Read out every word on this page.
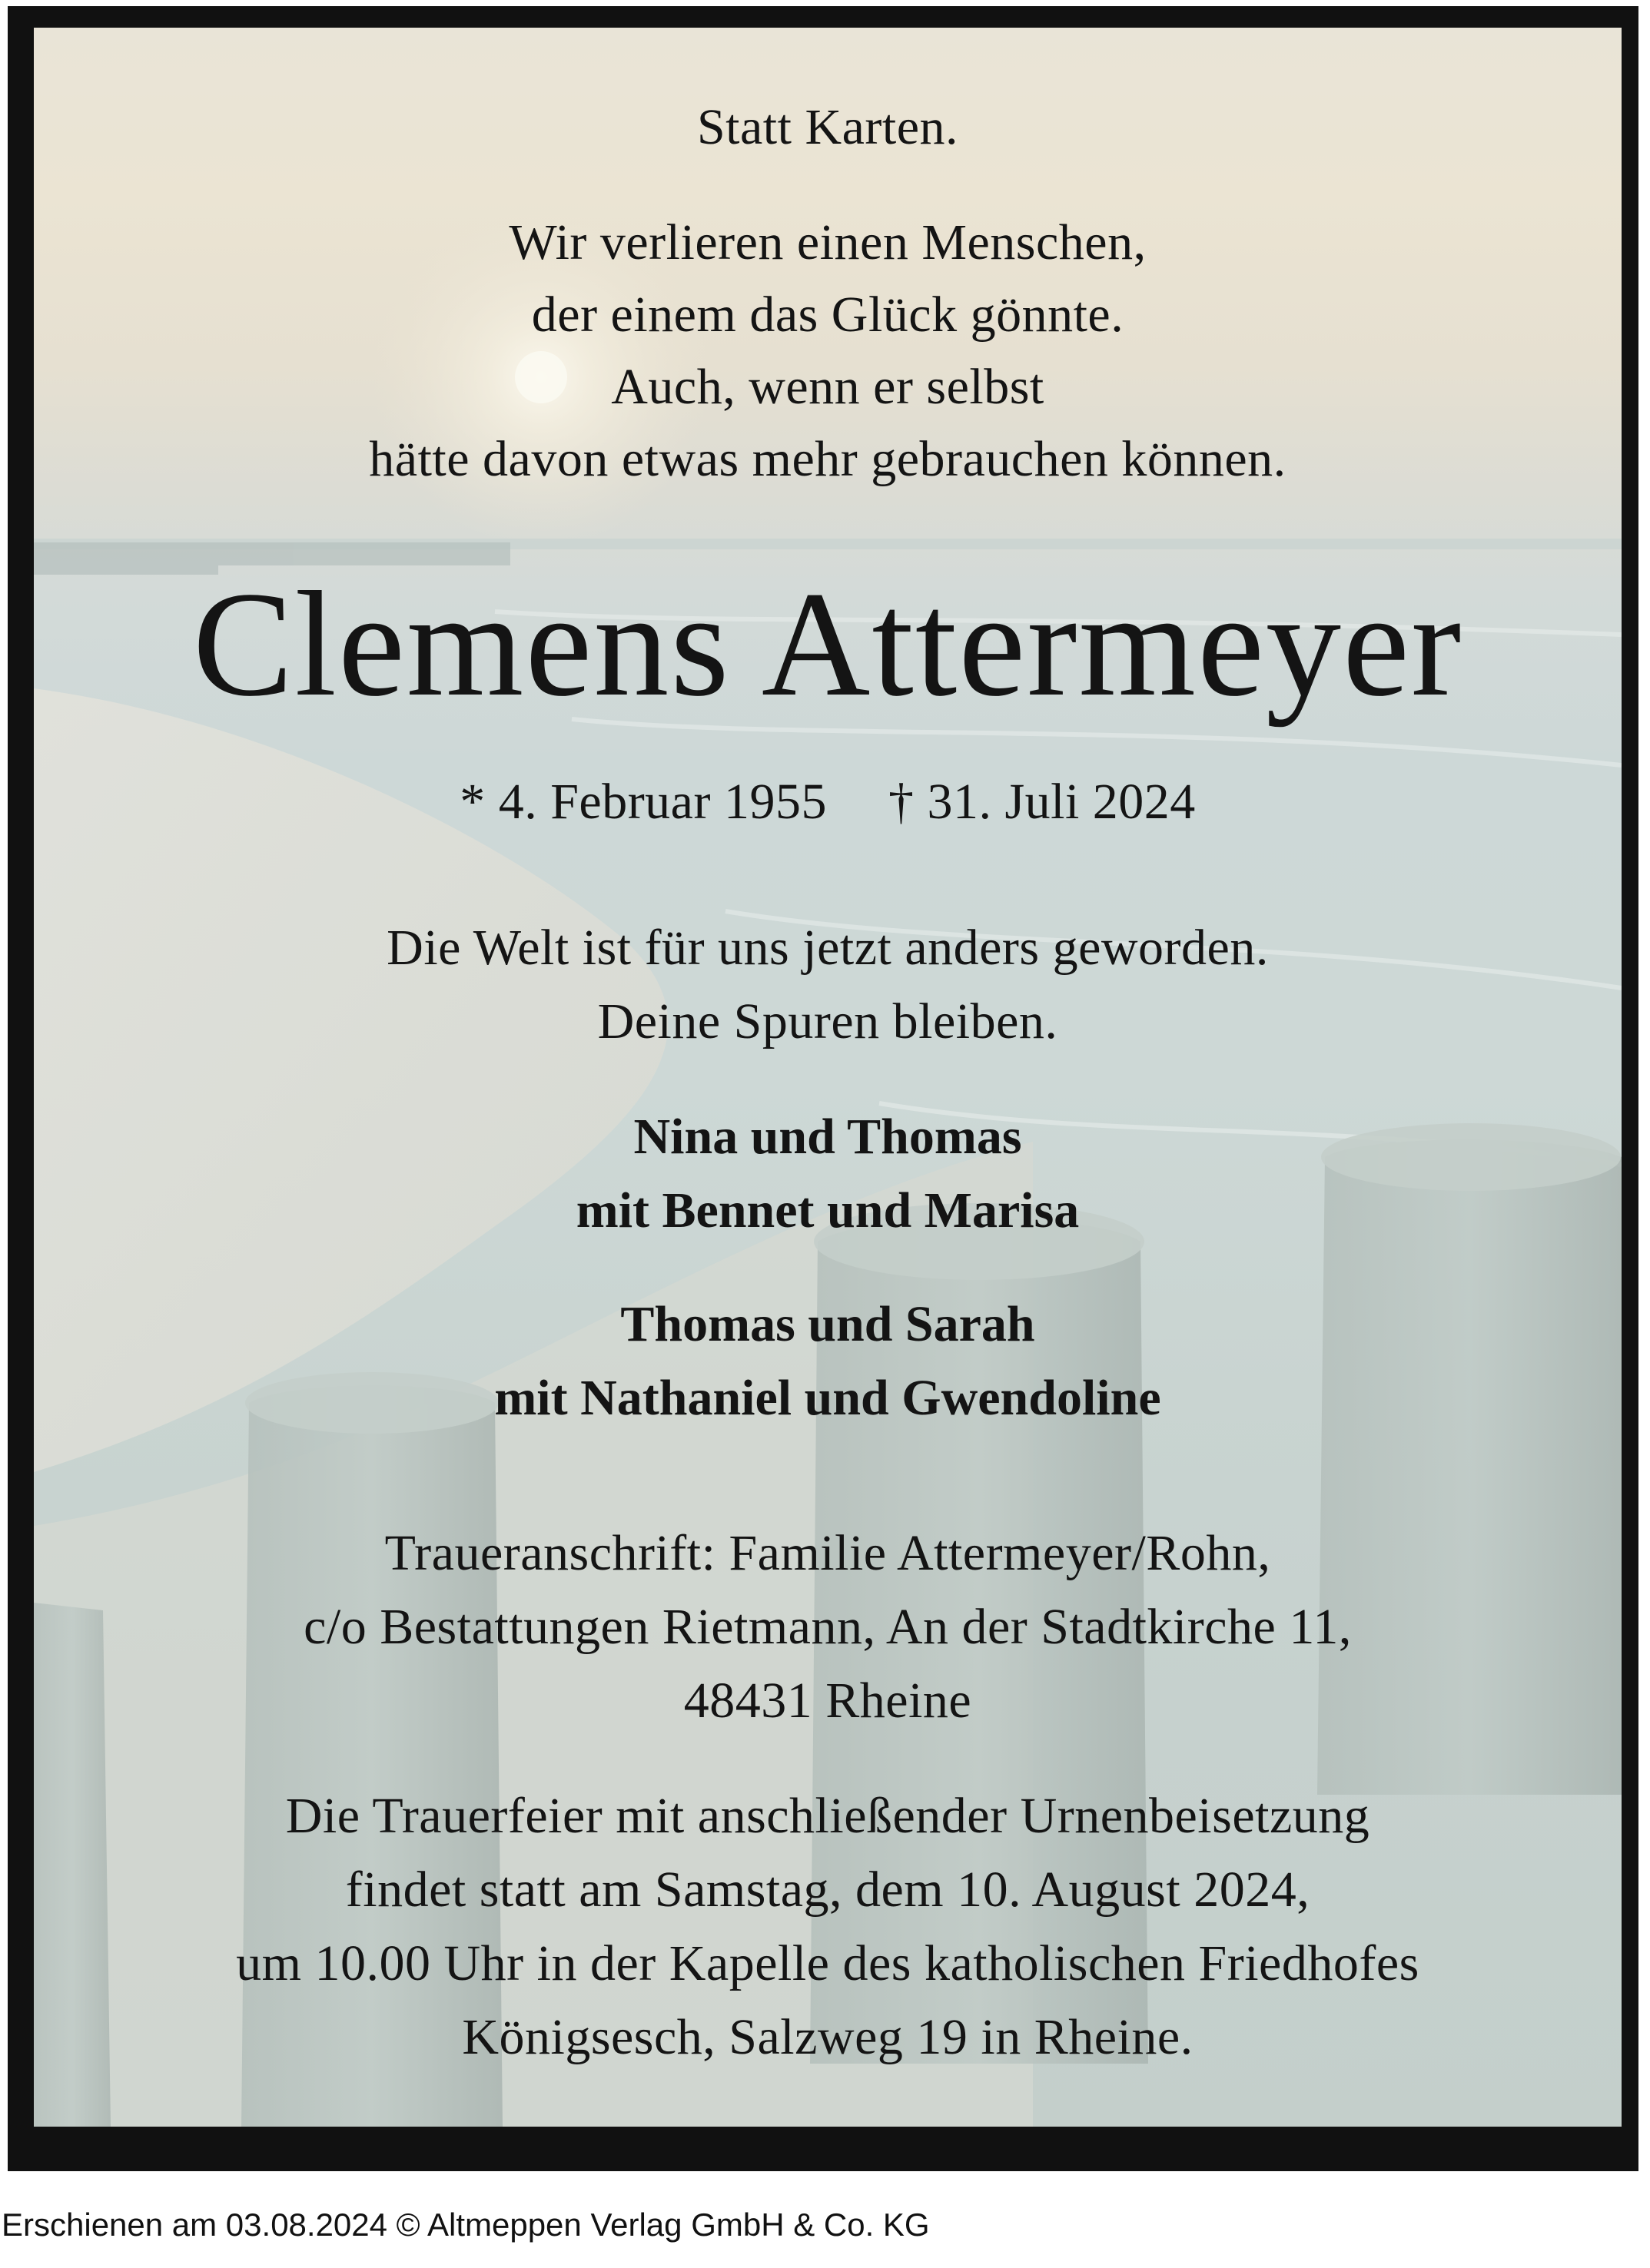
Statt Karten.
Wir verlieren einen Menschen,
der einem das Glück gönnte.
Auch, wenn er selbst
hätte davon etwas mehr gebrauchen können.
Clemens Attermeyer
* 4. Februar 1955 † 31. Juli 2024
Die Welt ist für uns jetzt anders geworden.
Deine Spuren bleiben.
Nina und Thomas
mit Bennet und Marisa
Thomas und Sarah
mit Nathaniel und Gwendoline
Traueranschrift: Familie Attermeyer/Rohn,
c/o Bestattungen Rietmann, An der Stadtkirche 11,
48431 Rheine
Die Trauerfeier mit anschließender Urnenbeisetzung
findet statt am Samstag, dem 10. August 2024,
um 10.00 Uhr in der Kapelle des katholischen Friedhofes
Königsesch, Salzweg 19 in Rheine.
Erschienen am 03.08.2024 © Altmeppen Verlag GmbH & Co. KG
